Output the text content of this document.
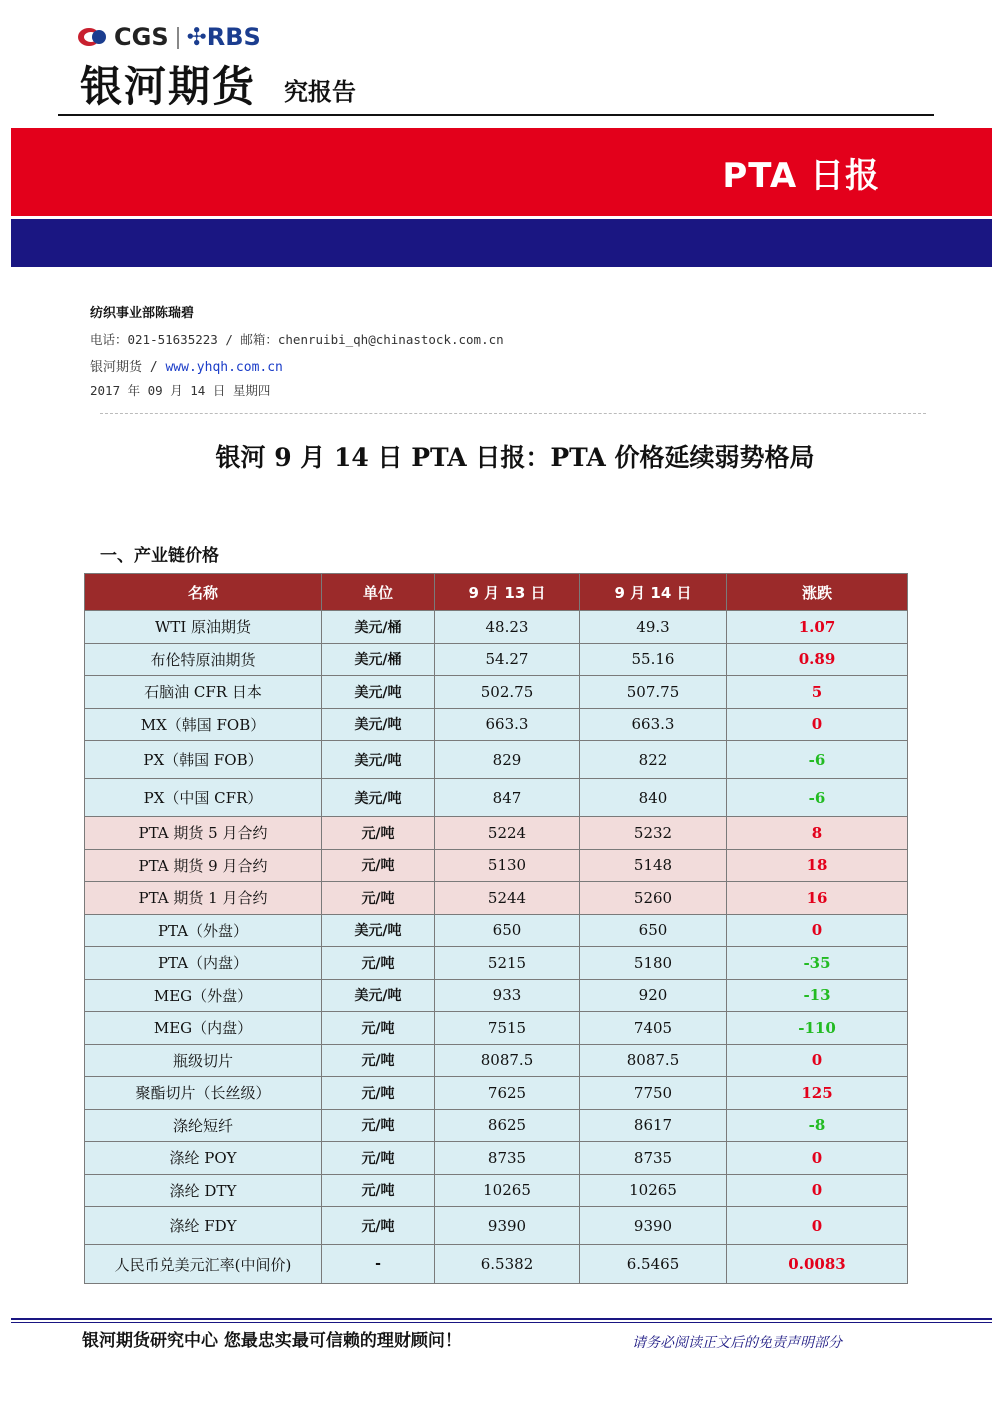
CGS ✣RBS
银河期货 究报告
PTA 日报
纺织事业部陈瑞碧
电话：021-51635223 / 邮箱：chenruibi_qh@chinastock.com.cn
银河期货 / www.yhqh.com.cn
2017 年 09 月 14 日 星期四
银河 9 月 14 日 PTA 日报：PTA 价格延续弱势格局
一、产业链价格
名称	单位	9 月 13 日	9 月 14 日	涨跌
WTI 原油期货	美元/桶	48.23	49.3	1.07
布伦特原油期货	美元/桶	54.27	55.16	0.89
石脑油 CFR 日本	美元/吨	502.75	507.75	5
MX（韩国 FOB）	美元/吨	663.3	663.3	0
PX（韩国 FOB）	美元/吨	829	822	-6
PX（中国 CFR）	美元/吨	847	840	-6
PTA 期货 5 月合约	元/吨	5224	5232	8
PTA 期货 9 月合约	元/吨	5130	5148	18
PTA 期货 1 月合约	元/吨	5244	5260	16
PTA（外盘）	美元/吨	650	650	0
PTA（内盘）	元/吨	5215	5180	-35
MEG（外盘）	美元/吨	933	920	-13
MEG（内盘）	元/吨	7515	7405	-110
瓶级切片	元/吨	8087.5	8087.5	0
聚酯切片（长丝级）	元/吨	7625	7750	125
涤纶短纤	元/吨	8625	8617	-8
涤纶 POY	元/吨	8735	8735	0
涤纶 DTY	元/吨	10265	10265	0
涤纶 FDY	元/吨	9390	9390	0
人民币兑美元汇率(中间价)	-	6.5382	6.5465	0.0083
银河期货研究中心 您最忠实最可信赖的理财顾问！	请务必阅读正文后的免责声明部分
